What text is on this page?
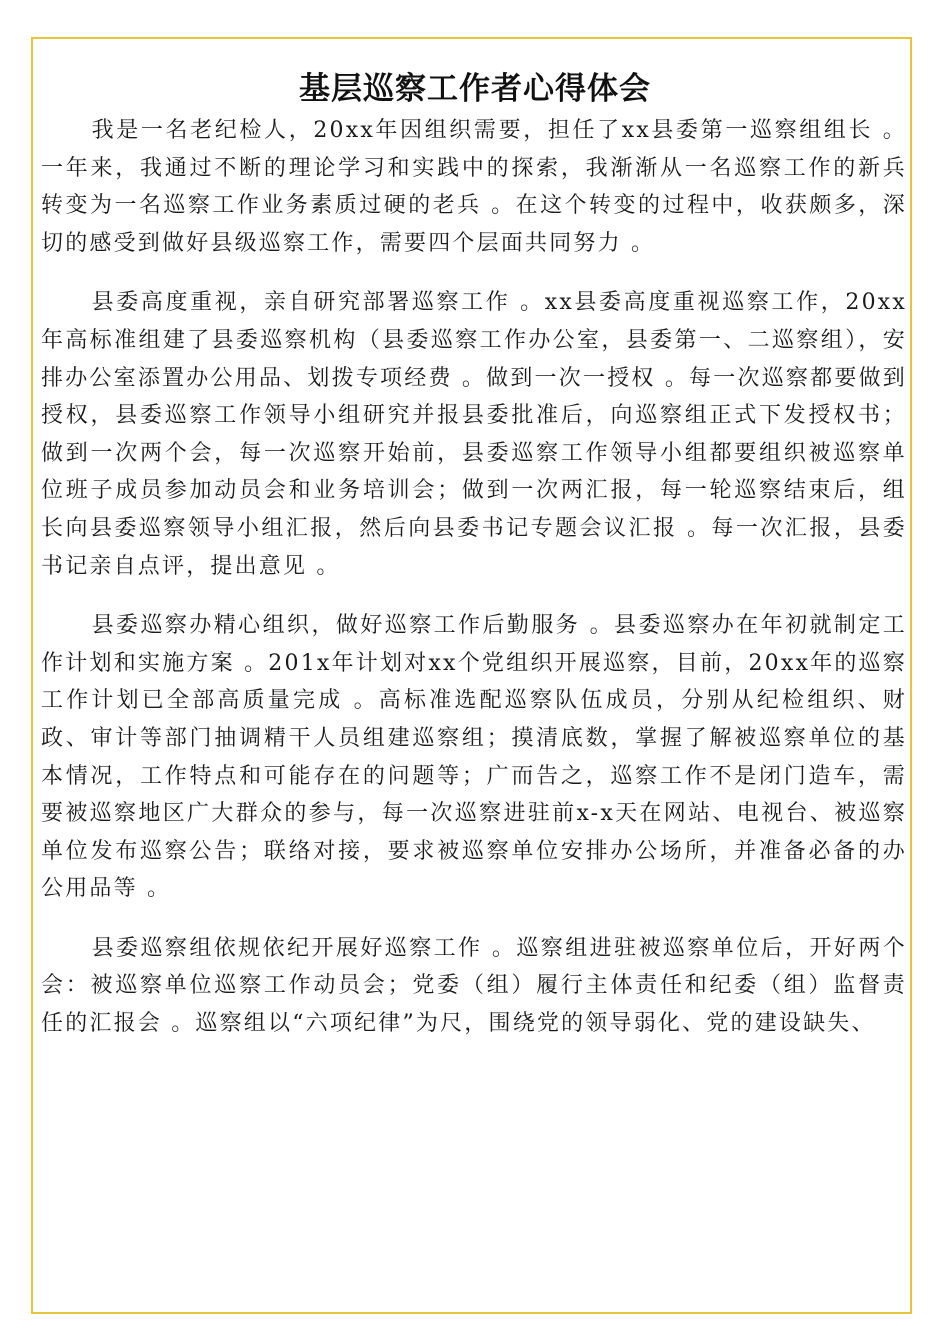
基层巡察工作者心得体会

我是一名老纪检人，20xx年因组织需要，担任了xx县委第一巡察组组长 。一年来，我通过不断的理论学习和实践中的探索，我渐渐从一名巡察工作的新兵转变为一名巡察工作业务素质过硬的老兵 。在这个转变的过程中，收获颇多，深切的感受到做好县级巡察工作，需要四个层面共同努力 。

县委高度重视，亲自研究部署巡察工作 。xx县委高度重视巡察工作，20xx年高标准组建了县委巡察机构（县委巡察工作办公室，县委第一、二巡察组），安排办公室添置办公用品、划拨专项经费 。做到一次一授权 。每一次巡察都要做到授权，县委巡察工作领导小组研究并报县委批准后，向巡察组正式下发授权书；做到一次两个会，每一次巡察开始前，县委巡察工作领导小组都要组织被巡察单位班子成员参加动员会和业务培训会；做到一次两汇报，每一轮巡察结束后，组长向县委巡察领导小组汇报，然后向县委书记专题会议汇报 。每一次汇报，县委书记亲自点评，提出意见 。

县委巡察办精心组织，做好巡察工作后勤服务 。县委巡察办在年初就制定工作计划和实施方案 。201x年计划对xx个党组织开展巡察，目前，20xx年的巡察工作计划已全部高质量完成 。高标准选配巡察队伍成员，分别从纪检组织、财政、审计等部门抽调精干人员组建巡察组；摸清底数，掌握了解被巡察单位的基本情况，工作特点和可能存在的问题等；广而告之，巡察工作不是闭门造车，需要被巡察地区广大群众的参与，每一次巡察进驻前x-x天在网站、电视台、被巡察单位发布巡察公告；联络对接，要求被巡察单位安排办公场所，并准备必备的办公用品等 。

县委巡察组依规依纪开展好巡察工作 。巡察组进驻被巡察单位后，开好两个会：被巡察单位巡察工作动员会；党委（组）履行主体责任和纪委（组）监督责任的汇报会 。巡察组以“六项纪律”为尺，围绕党的领导弱化、党的建设缺失、
